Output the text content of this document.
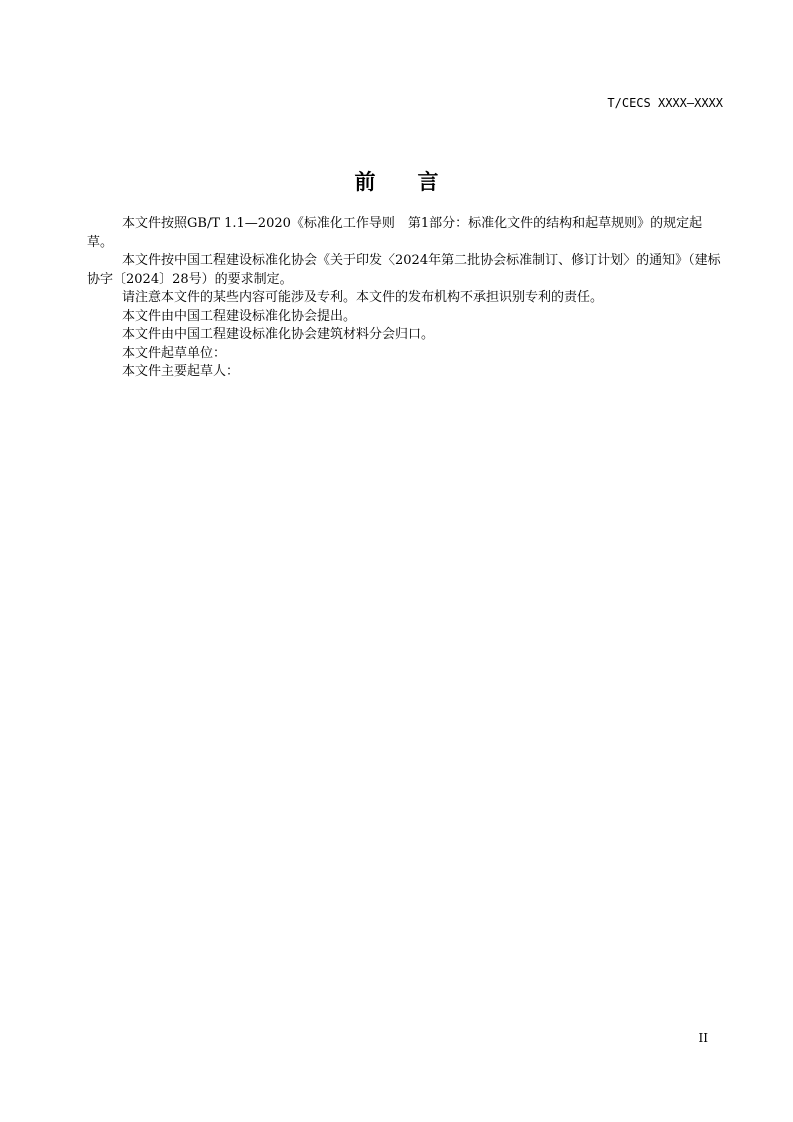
T/CECS XXXX—XXXX
前 言

本文件按照GB/T 1.1—2020《标准化工作导则　第1部分：标准化文件的结构和起草规则》的规定起草。

本文件按中国工程建设标准化协会《关于印发〈2024年第二批协会标准制订、修订计划〉的通知》（建标协字〔2024〕28号）的要求制定。

请注意本文件的某些内容可能涉及专利。本文件的发布机构不承担识别专利的责任。

本文件由中国工程建设标准化协会提出。

本文件由中国工程建设标准化协会建筑材料分会归口。

本文件起草单位：

本文件主要起草人：

II
